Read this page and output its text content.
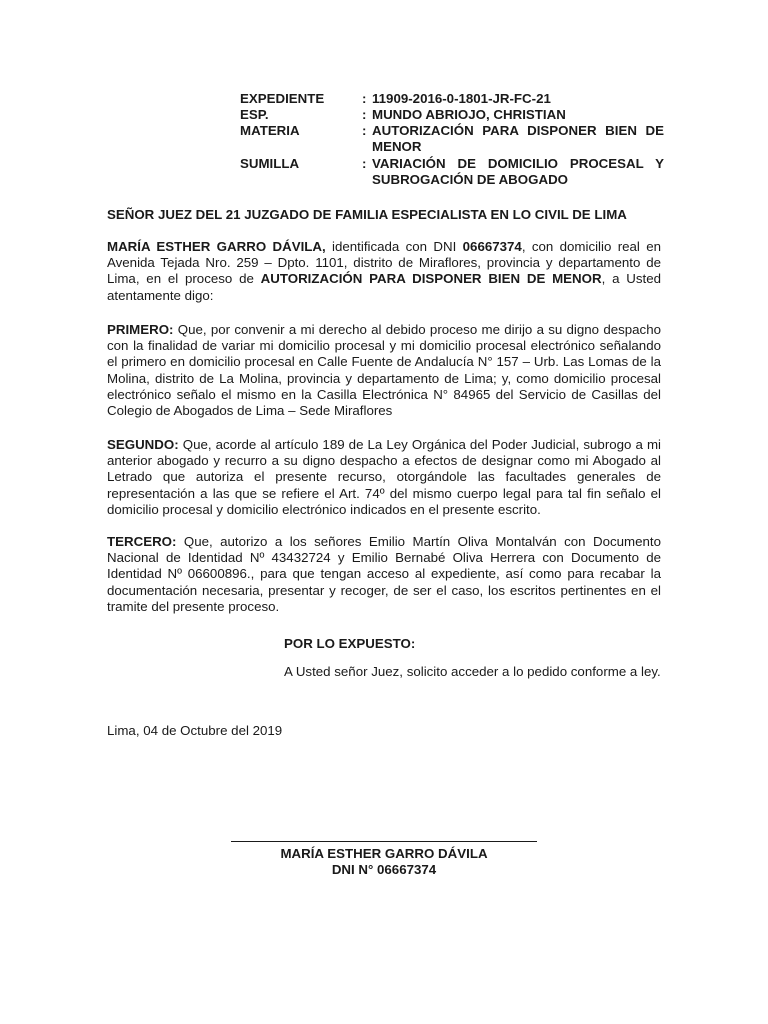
EXPEDIENTE	: 11909-2016-0-1801-JR-FC-21
ESP.	: MUNDO ABRIOJO, CHRISTIAN
MATERIA	: AUTORIZACIÓN PARA DISPONER BIEN DE MENOR
SUMILLA	: VARIACIÓN DE DOMICILIO PROCESAL Y SUBROGACIÓN DE ABOGADO
SEÑOR JUEZ DEL 21 JUZGADO DE FAMILIA ESPECIALISTA EN LO CIVIL DE LIMA
MARÍA ESTHER GARRO DÁVILA, identificada con DNI 06667374, con domicilio real en Avenida Tejada Nro. 259 – Dpto. 1101, distrito de Miraflores, provincia y departamento de Lima, en el proceso de AUTORIZACIÓN PARA DISPONER BIEN DE MENOR, a Usted atentamente digo:
PRIMERO: Que, por convenir a mi derecho al debido proceso me dirijo a su digno despacho con la finalidad de variar mi domicilio procesal y mi domicilio procesal electrónico señalando el primero en domicilio procesal en Calle Fuente de Andalucía N° 157 – Urb. Las Lomas de la Molina, distrito de La Molina, provincia y departamento de Lima; y, como domicilio procesal electrónico señalo el mismo en la Casilla Electrónica N° 84965 del Servicio de Casillas del Colegio de Abogados de Lima – Sede Miraflores
SEGUNDO: Que, acorde al artículo 189 de La Ley Orgánica del Poder Judicial, subrogo a mi anterior abogado y recurro a su digno despacho a efectos de designar como mi Abogado al Letrado que autoriza el presente recurso, otorgándole las facultades generales de representación a las que se refiere el Art. 74º del mismo cuerpo legal para tal fin señalo el domicilio procesal y domicilio electrónico indicados en el presente escrito.
TERCERO: Que, autorizo a los señores Emilio Martín Oliva Montalván con Documento Nacional de Identidad Nº 43432724 y Emilio Bernabé Oliva Herrera con Documento de Identidad Nº 06600896., para que tengan acceso al expediente, así como para recabar la documentación necesaria, presentar y recoger, de ser el caso, los escritos pertinentes en el tramite del presente proceso.
POR LO EXPUESTO:
A Usted señor Juez, solicito acceder a lo pedido conforme a ley.
Lima, 04 de Octubre del 2019
MARÍA ESTHER GARRO DÁVILA
DNI N° 06667374
